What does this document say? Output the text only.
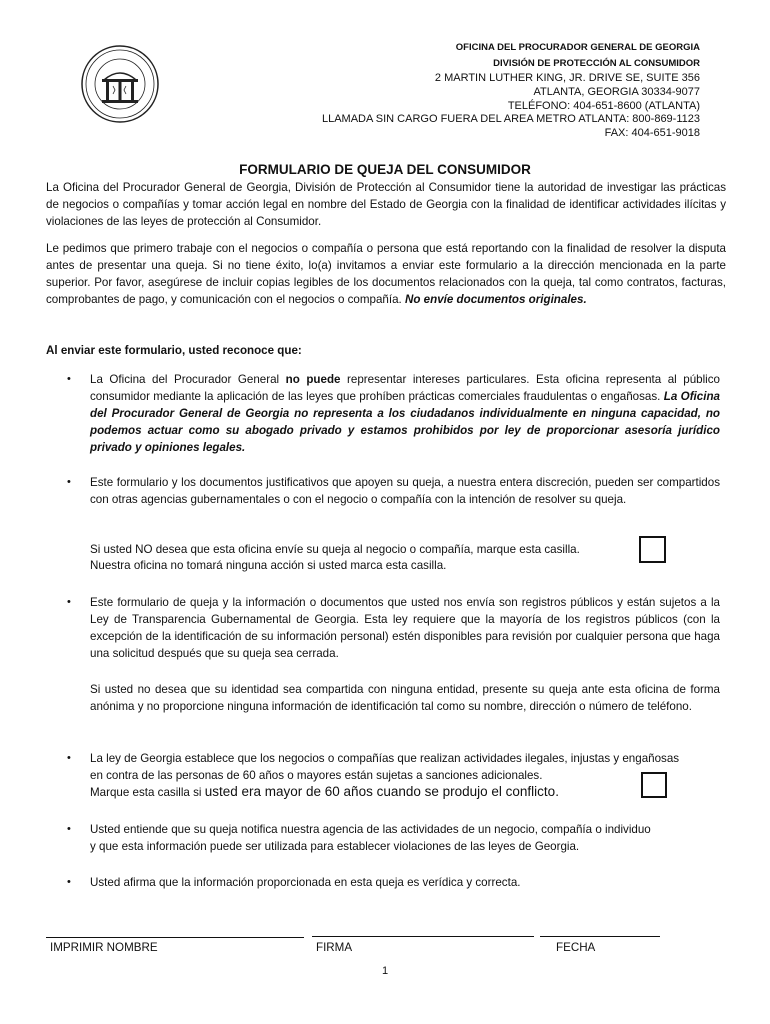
OFICINA DEL PROCURADOR GENERAL DE GEORGIA
DIVISIÓN DE PROTECCIÓN AL CONSUMIDOR
2 MARTIN LUTHER KING, JR. DRIVE SE, SUITE 356
ATLANTA, GEORGIA 30334-9077
TELÉFONO: 404-651-8600 (ATLANTA)
LLAMADA SIN CARGO FUERA DEL AREA METRO ATLANTA: 800-869-1123
FAX: 404-651-9018
FORMULARIO DE QUEJA DEL CONSUMIDOR
La Oficina del Procurador General de Georgia, División de Protección al Consumidor tiene la autoridad de investigar las prácticas de negocios o compañías y tomar acción legal en nombre del Estado de Georgia con la finalidad de identificar actividades ilícitas y violaciones de las leyes de protección al Consumidor.
Le pedimos que primero trabaje con el negocios o compañía o persona que está reportando con la finalidad de resolver la disputa antes de presentar una queja. Si no tiene éxito, lo(a) invitamos a enviar este formulario a la dirección mencionada en la parte superior. Por favor, asegúrese de incluir copias legibles de los documentos relacionados con la queja, tal como contratos, facturas, comprobantes de pago, y comunicación con el negocios o compañía. No envíe documentos originales.
Al enviar este formulario, usted reconoce que:
• La Oficina del Procurador General no puede representar intereses particulares. Esta oficina representa al público consumidor mediante la aplicación de las leyes que prohíben prácticas comerciales fraudulentas o engañosas. La Oficina del Procurador General de Georgia no representa a los ciudadanos individualmente en ninguna capacidad, no podemos actuar como su abogado privado y estamos prohibidos por ley de proporcionar asesoría jurídico privado y opiniones legales.
• Este formulario y los documentos justificativos que apoyen su queja, a nuestra entera discreción, pueden ser compartidos con otras agencias gubernamentales o con el negocio o compañía con la intención de resolver su queja.
Si usted NO desea que esta oficina envíe su queja al negocio o compañía, marque esta casilla.
Nuestra oficina no tomará ninguna acción si usted marca esta casilla.
• Este formulario de queja y la información o documentos que usted nos envía son registros públicos y están sujetos a la Ley de Transparencia Gubernamental de Georgia. Esta ley requiere que la mayoría de los registros públicos (con la excepción de la identificación de su información personal) estén disponibles para revisión por cualquier persona que haga una solicitud después que su queja sea cerrada.
Si usted no desea que su identidad sea compartida con ninguna entidad, presente su queja ante esta oficina de forma anónima y no proporcione ninguna información de identificación tal como su nombre, dirección o número de teléfono.
• La ley de Georgia establece que los negocios o compañías que realizan actividades ilegales, injustas y engañosas
en contra de las personas de 60 años o mayores están sujetas a sanciones adicionales.
Marque esta casilla si usted era mayor de 60 años cuando se produjo el conflicto.
• Usted entiende que su queja notifica nuestra agencia de las actividades de un negocio, compañía o individuo
y que esta información puede ser utilizada para establecer violaciones de las leyes de Georgia.
• Usted afirma que la información proporcionada en esta queja es verídica y correcta.
IMPRIMIR NOMBRE	FIRMA	FECHA
1
